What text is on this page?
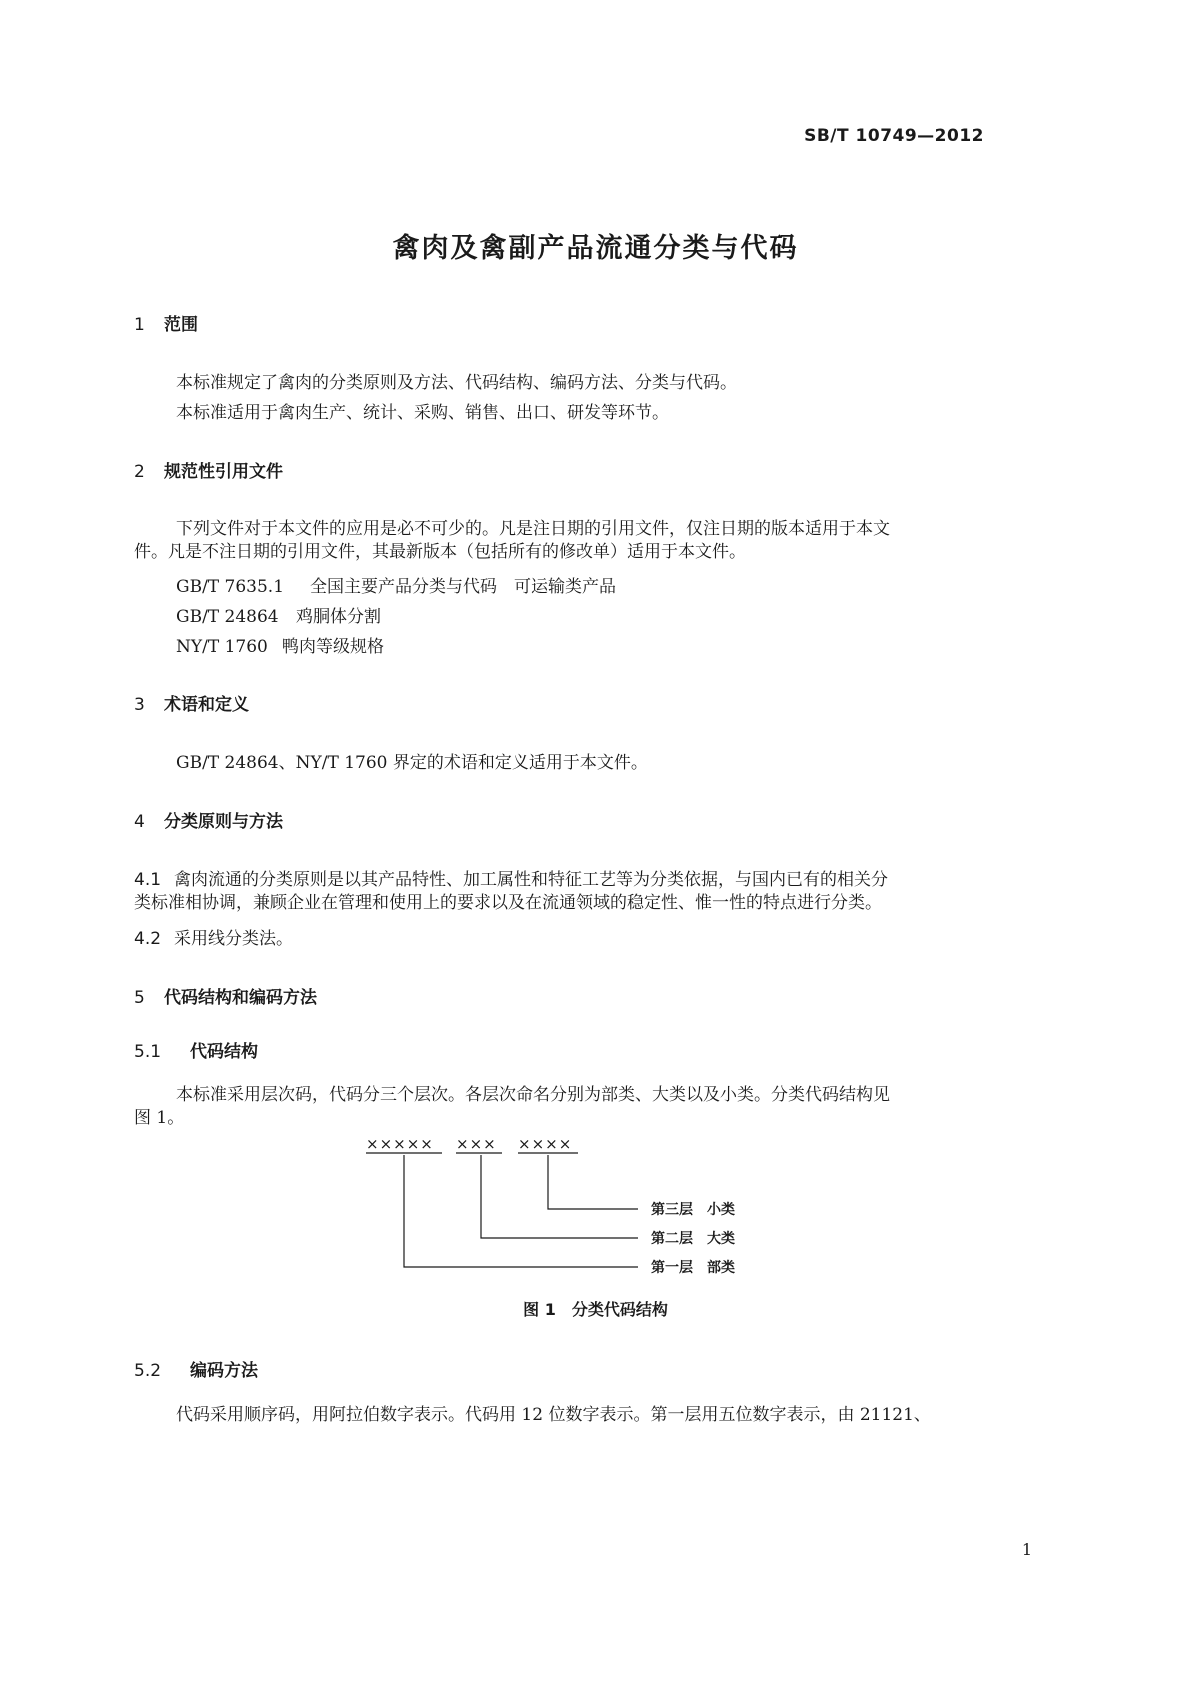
SB/T 10749—2012
禽肉及禽副产品流通分类与代码
1 范围
本标准规定了禽肉的分类原则及方法、代码结构、编码方法、分类与代码。
本标准适用于禽肉生产、统计、采购、销售、出口、研发等环节。
2 规范性引用文件
下列文件对于本文件的应用是必不可少的。凡是注日期的引用文件，仅注日期的版本适用于本文
件。凡是不注日期的引用文件，其最新版本（包括所有的修改单）适用于本文件。
GB/T 7635.1 全国主要产品分类与代码　可运输类产品
GB/T 24864 鸡胴体分割
NY/T 1760 鸭肉等级规格
3 术语和定义
GB/T 24864、NY/T 1760 界定的术语和定义适用于本文件。
4 分类原则与方法
4.1 禽肉流通的分类原则是以其产品特性、加工属性和特征工艺等为分类依据，与国内已有的相关分
类标准相协调，兼顾企业在管理和使用上的要求以及在流通领域的稳定性、惟一性的特点进行分类。
4.2 采用线分类法。
5 代码结构和编码方法
5.1 代码结构
本标准采用层次码，代码分三个层次。各层次命名分别为部类、大类以及小类。分类代码结构见
图 1。
××××× ××× ××××
第三层　小类
第二层　大类
第一层　部类
图 1　分类代码结构
5.2 编码方法
代码采用顺序码，用阿拉伯数字表示。代码用 12 位数字表示。第一层用五位数字表示，由 21121、
1
